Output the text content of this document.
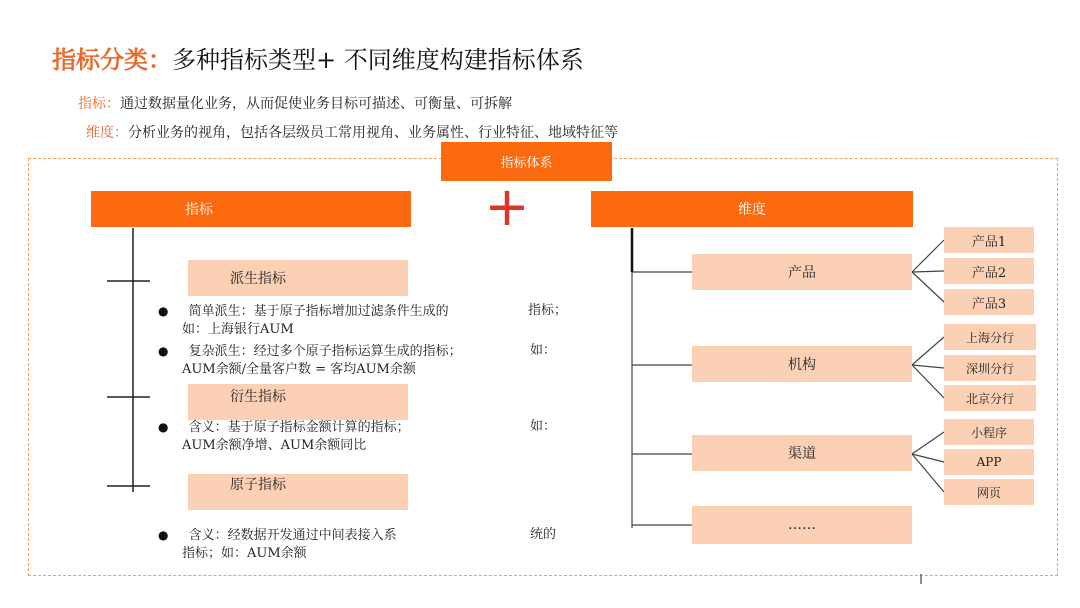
指标分类：多种指标类型+ 不同维度构建指标体系
指标：通过数据量化业务，从而促使业务目标可描述、可衡量、可拆解
维度：分析业务的视角，包括各层级员工常用视角、业务属性、行业特征、地域特征等
指标体系
指标	+	维度
派生指标
衍生指标
原子指标
● 简单派生：基于原子指标增加过滤条件生成的	指标；
如：上海银行AUM
● 复杂派生：经过多个原子指标运算生成的指标；	如：
AUM余额/全量客户数 = 客均AUM余额
● 含义：基于原子指标金额计算的指标；	如：
AUM余额净增、AUM余额同比
● 含义：经数据开发通过中间表接入系	统的
指标；如：AUM余额
产品
机构
渠道
……
产品1
产品2
产品3
上海分行
深圳分行
北京分行
小程序
APP
网页
